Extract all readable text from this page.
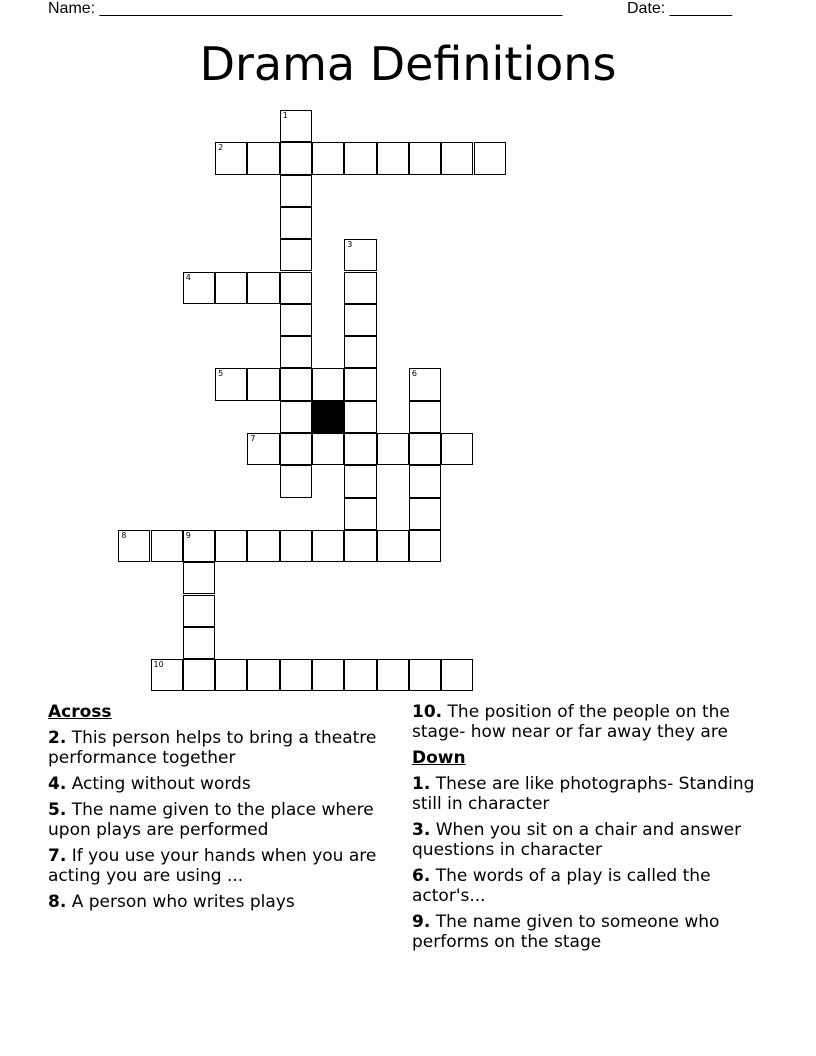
Name: ____________________________________________________	Date: _______
Drama Definitions
1
2
3
4
5	6
7
8	9
10
Across
2. This person helps to bring a theatre performance together
4. Acting without words
5. The name given to the place where upon plays are performed
7. If you use your hands when you are acting you are using ...
8. A person who writes plays
10. The position of the people on the stage- how near or far away they are
Down
1. These are like photographs- Standing still in character
3. When you sit on a chair and answer questions in character
6. The words of a play is called the actor's...
9. The name given to someone who performs on the stage
